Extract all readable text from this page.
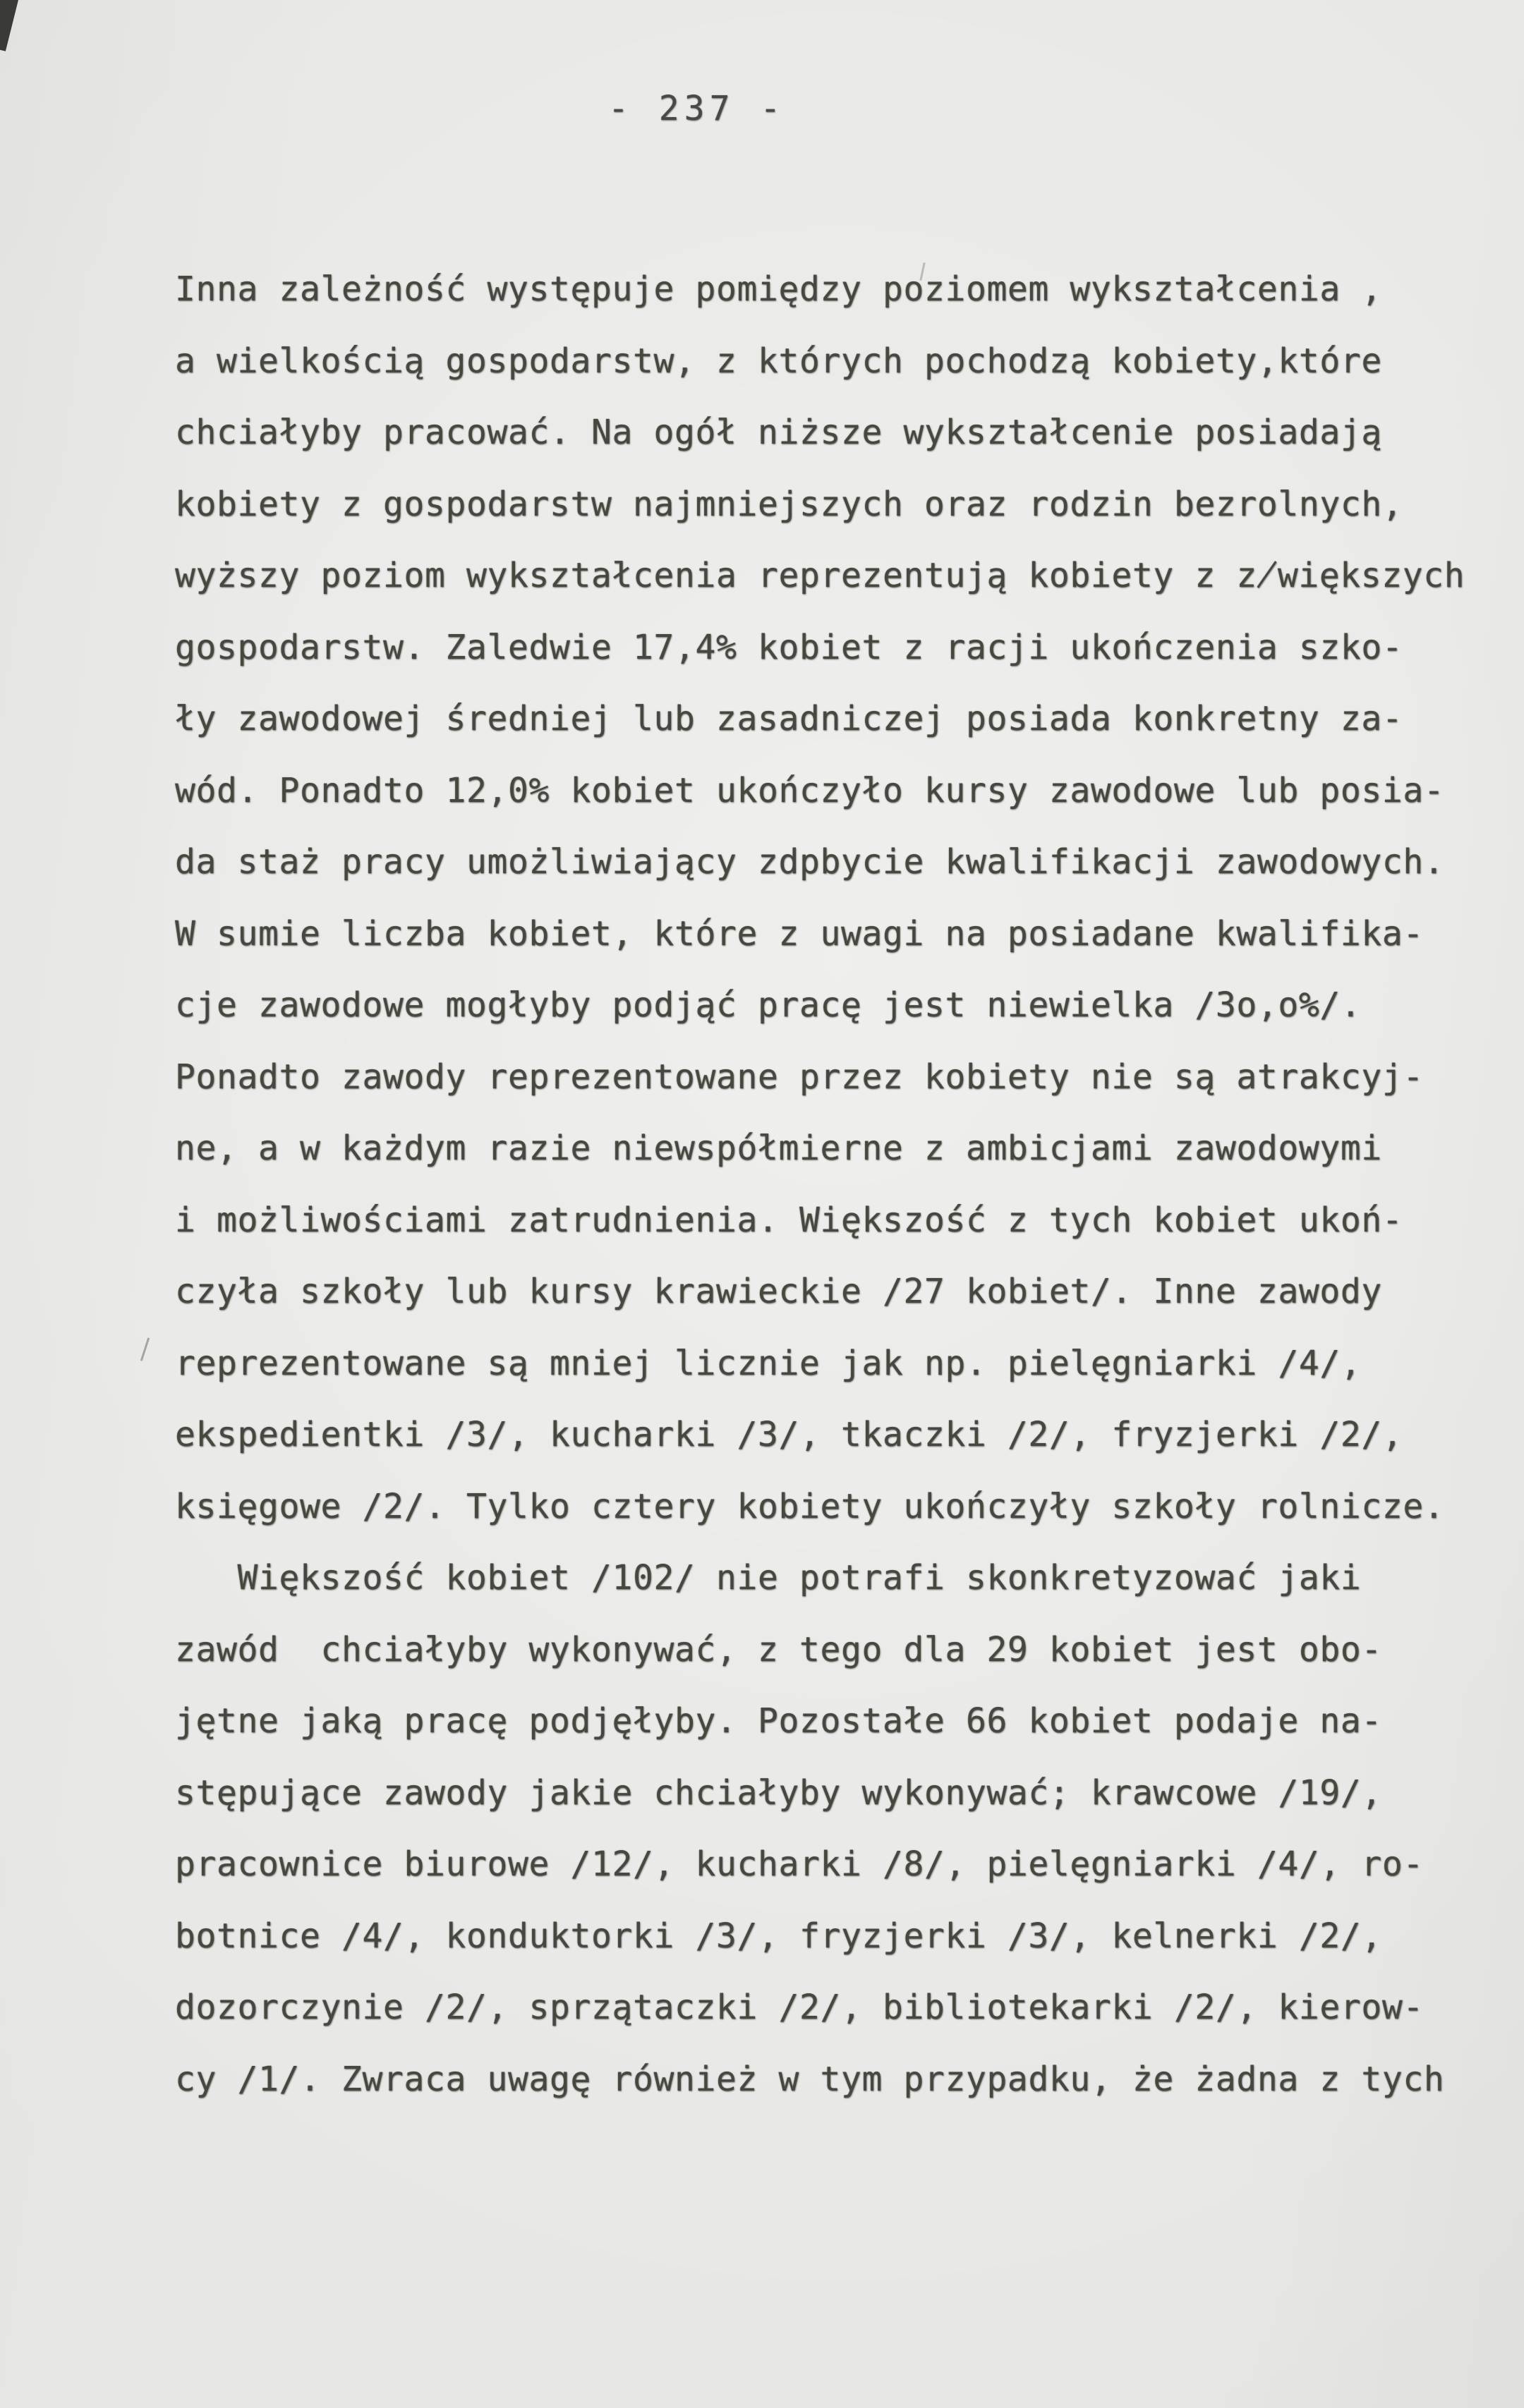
- 237 -
Inna zależność występuje pomiędzy poziomem wykształcenia ,
a wielkością gospodarstw, z których pochodzą kobiety,które
chciałyby pracować. Na ogół niższe wykształcenie posiadają
kobiety z gospodarstw najmniejszych oraz rodzin bezrolnych,
wyższy poziom wykształcenia reprezentują kobiety z z̸większych
gospodarstw. Zaledwie 17,4% kobiet z racji ukończenia szko-
ły zawodowej średniej lub zasadniczej posiada konkretny za-
wód. Ponadto 12,0% kobiet ukończyło kursy zawodowe lub posia-
da staż pracy umożliwiający zdpbycie kwalifikacji zawodowych.
W sumie liczba kobiet, które z uwagi na posiadane kwalifika-
cje zawodowe mogłyby podjąć pracę jest niewielka /3o,o%/.
Ponadto zawody reprezentowane przez kobiety nie są atrakcyj-
ne, a w każdym razie niewspółmierne z ambicjami zawodowymi
i możliwościami zatrudnienia. Większość z tych kobiet ukoń-
czyła szkoły lub kursy krawieckie /27 kobiet/. Inne zawody
reprezentowane są mniej licznie jak np. pielęgniarki /4/,
ekspedientki /3/, kucharki /3/, tkaczki /2/, fryzjerki /2/,
księgowe /2/. Tylko cztery kobiety ukończyły szkoły rolnicze.
Większość kobiet /102/ nie potrafi skonkretyzować jaki
zawód  chciałyby wykonywać, z tego dla 29 kobiet jest obo-
jętne jaką pracę podjęłyby. Pozostałe 66 kobiet podaje na-
stępujące zawody jakie chciałyby wykonywać; krawcowe /19/,
pracownice biurowe /12/, kucharki /8/, pielęgniarki /4/, ro-
botnice /4/, konduktorki /3/, fryzjerki /3/, kelnerki /2/,
dozorczynie /2/, sprzątaczki /2/, bibliotekarki /2/, kierow-
cy /1/. Zwraca uwagę również w tym przypadku, że żadna z tych
